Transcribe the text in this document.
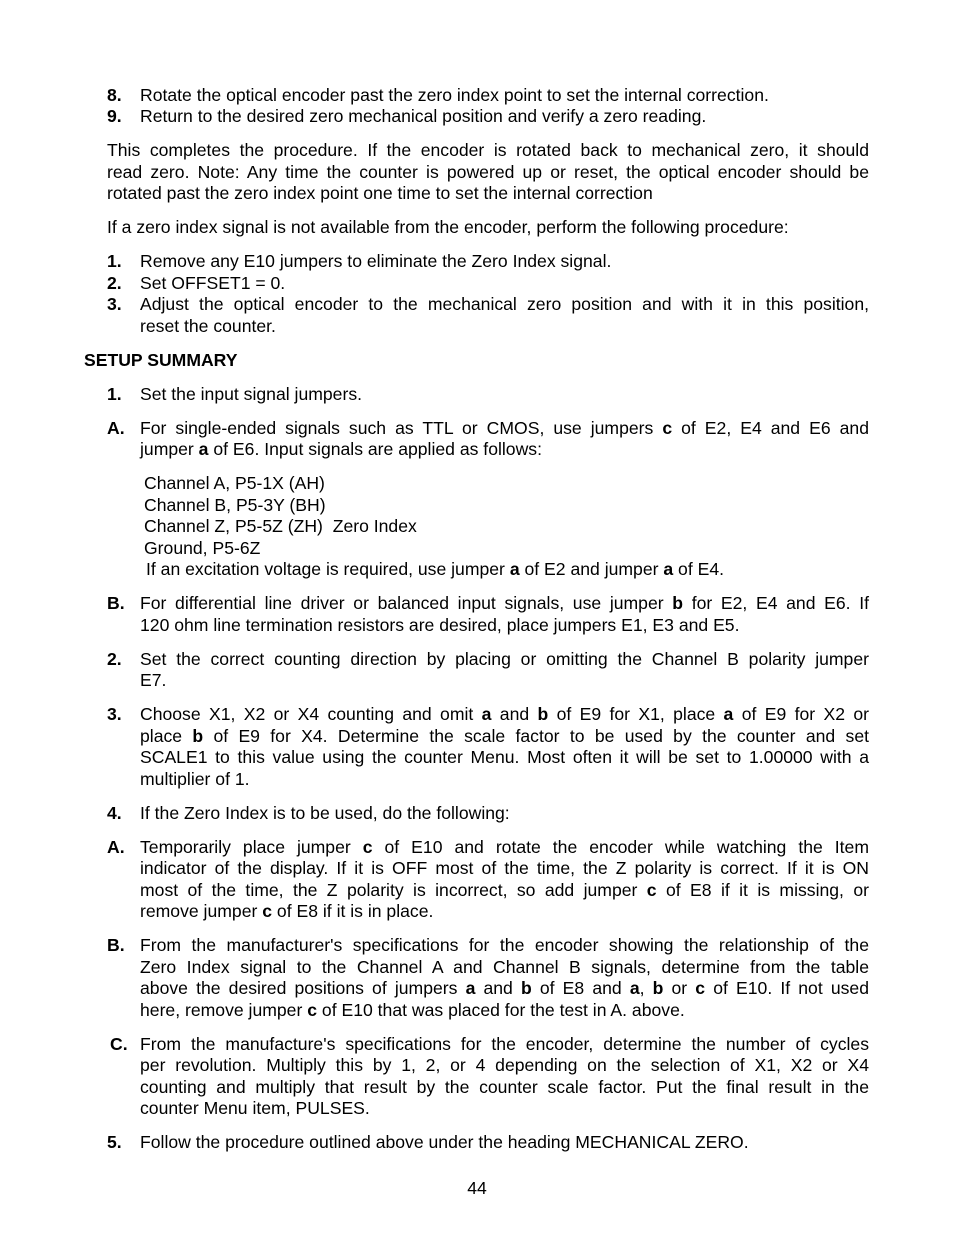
8. Rotate the optical encoder past the zero index point to set the internal correction.
9. Return to the desired zero mechanical position and verify a zero reading.
This completes the procedure. If the encoder is rotated back to mechanical zero, it should
read zero. Note: Any time the counter is powered up or reset, the optical encoder should be
rotated past the zero index point one time to set the internal correction
If a zero index signal is not available from the encoder, perform the following procedure:
1. Remove any E10 jumpers to eliminate the Zero Index signal.
2. Set OFFSET1 = 0.
3. Adjust the optical encoder to the mechanical zero position and with it in this position,
reset the counter.
SETUP SUMMARY
1. Set the input signal jumpers.
A. For single-ended signals such as TTL or CMOS, use jumpers c of E2, E4 and E6 and
jumper a of E6. Input signals are applied as follows:
Channel A, P5-1X (AH)
Channel B, P5-3Y (BH)
Channel Z, P5-5Z (ZH)  Zero Index
Ground, P5-6Z
If an excitation voltage is required, use jumper a of E2 and jumper a of E4.
B. For differential line driver or balanced input signals, use jumper b for E2, E4 and E6. If
120 ohm line termination resistors are desired, place jumpers E1, E3 and E5.
2. Set the correct counting direction by placing or omitting the Channel B polarity jumper
E7.
3. Choose X1, X2 or X4 counting and omit a and b of E9 for X1, place a of E9 for X2 or
place b of E9 for X4. Determine the scale factor to be used by the counter and set
SCALE1 to this value using the counter Menu. Most often it will be set to 1.00000 with a
multiplier of 1.
4. If the Zero Index is to be used, do the following:
A. Temporarily place jumper c of E10 and rotate the encoder while watching the Item
indicator of the display. If it is OFF most of the time, the Z polarity is correct. If it is ON
most of the time, the Z polarity is incorrect, so add jumper c of E8 if it is missing, or
remove jumper c of E8 if it is in place.
B. From the manufacturer's specifications for the encoder showing the relationship of the
Zero Index signal to the Channel A and Channel B signals, determine from the table
above the desired positions of jumpers a and b of E8 and a, b or c of E10. If not used
here, remove jumper c of E10 that was placed for the test in A. above.
C. From the manufacture's specifications for the encoder, determine the number of cycles
per revolution. Multiply this by 1, 2, or 4 depending on the selection of X1, X2 or X4
counting and multiply that result by the counter scale factor. Put the final result in the
counter Menu item, PULSES.
5. Follow the procedure outlined above under the heading MECHANICAL ZERO.
44
